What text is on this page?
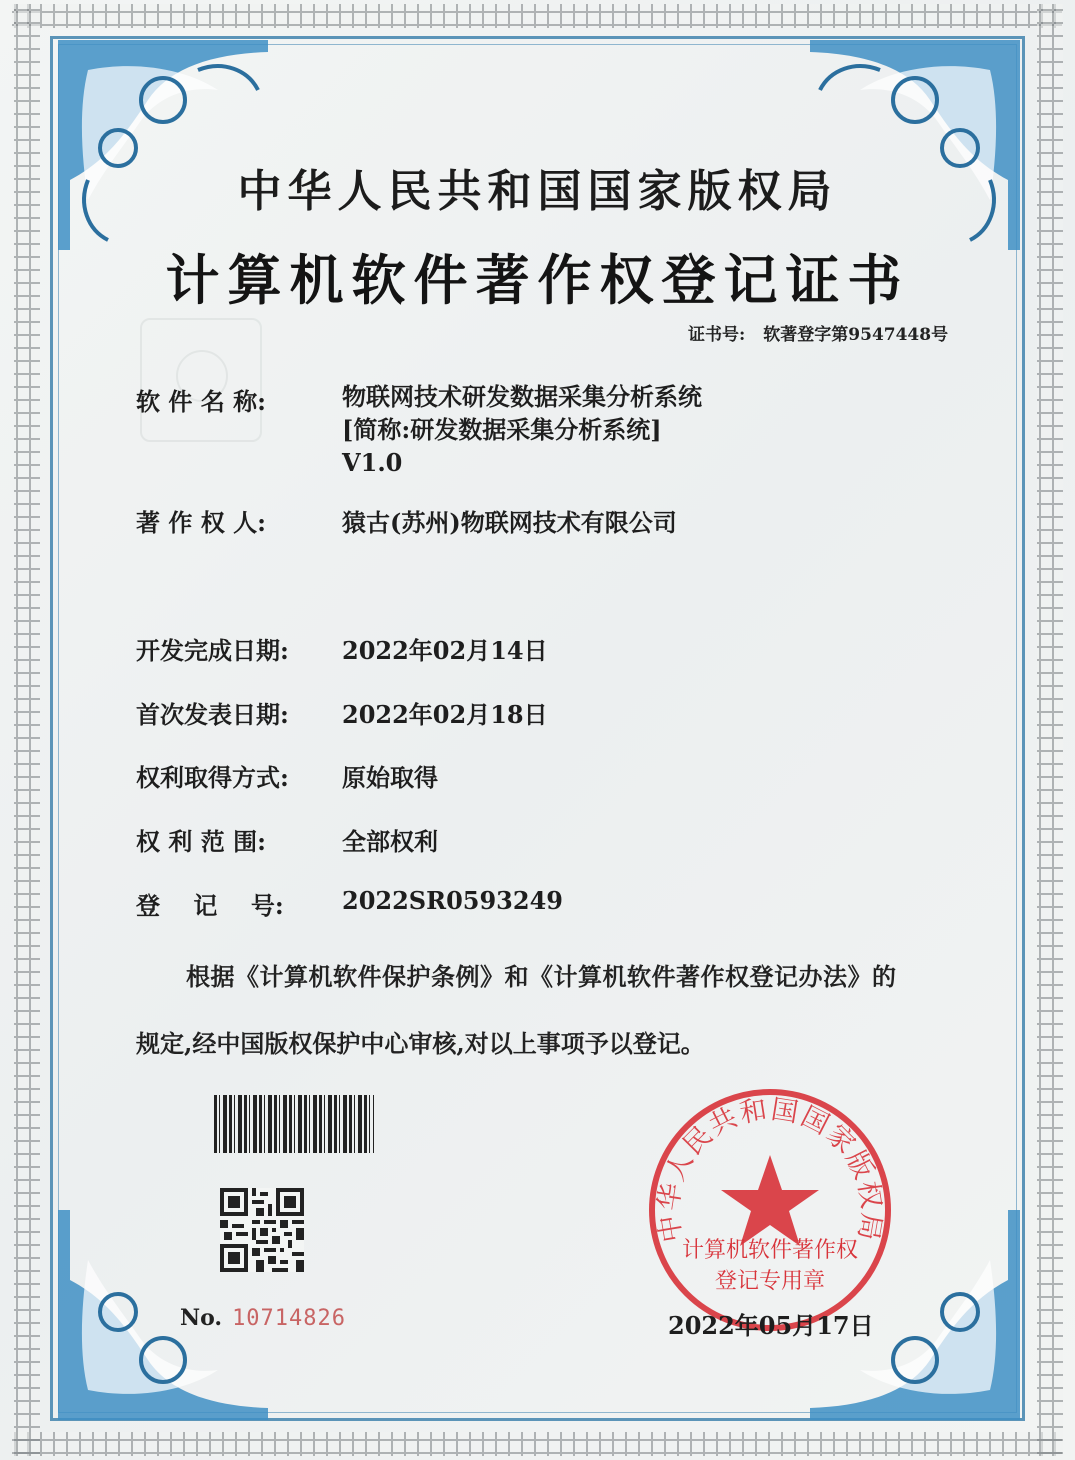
中华人民共和国国家版权局
计算机软件著作权登记证书
证书号: 软著登字第9547448号
软 件 名 称:	物联网技术研发数据采集分析系统
[简称:研发数据采集分析系统]
V1.0
著 作 权 人:	猿古(苏州)物联网技术有限公司
开发完成日期: 2022年02月14日
首次发表日期: 2022年02月18日
权利取得方式: 原始取得
权 利 范 围:	全部权利
登    记    号: 2022SR0593249
根据《计算机软件保护条例》和《计算机软件著作权登记办法》的
规定,经中国版权保护中心审核,对以上事项予以登记。
No. 10714826
中华人民共和国国家版权局
计算机软件著作权
登记专用章
2022年05月17日
